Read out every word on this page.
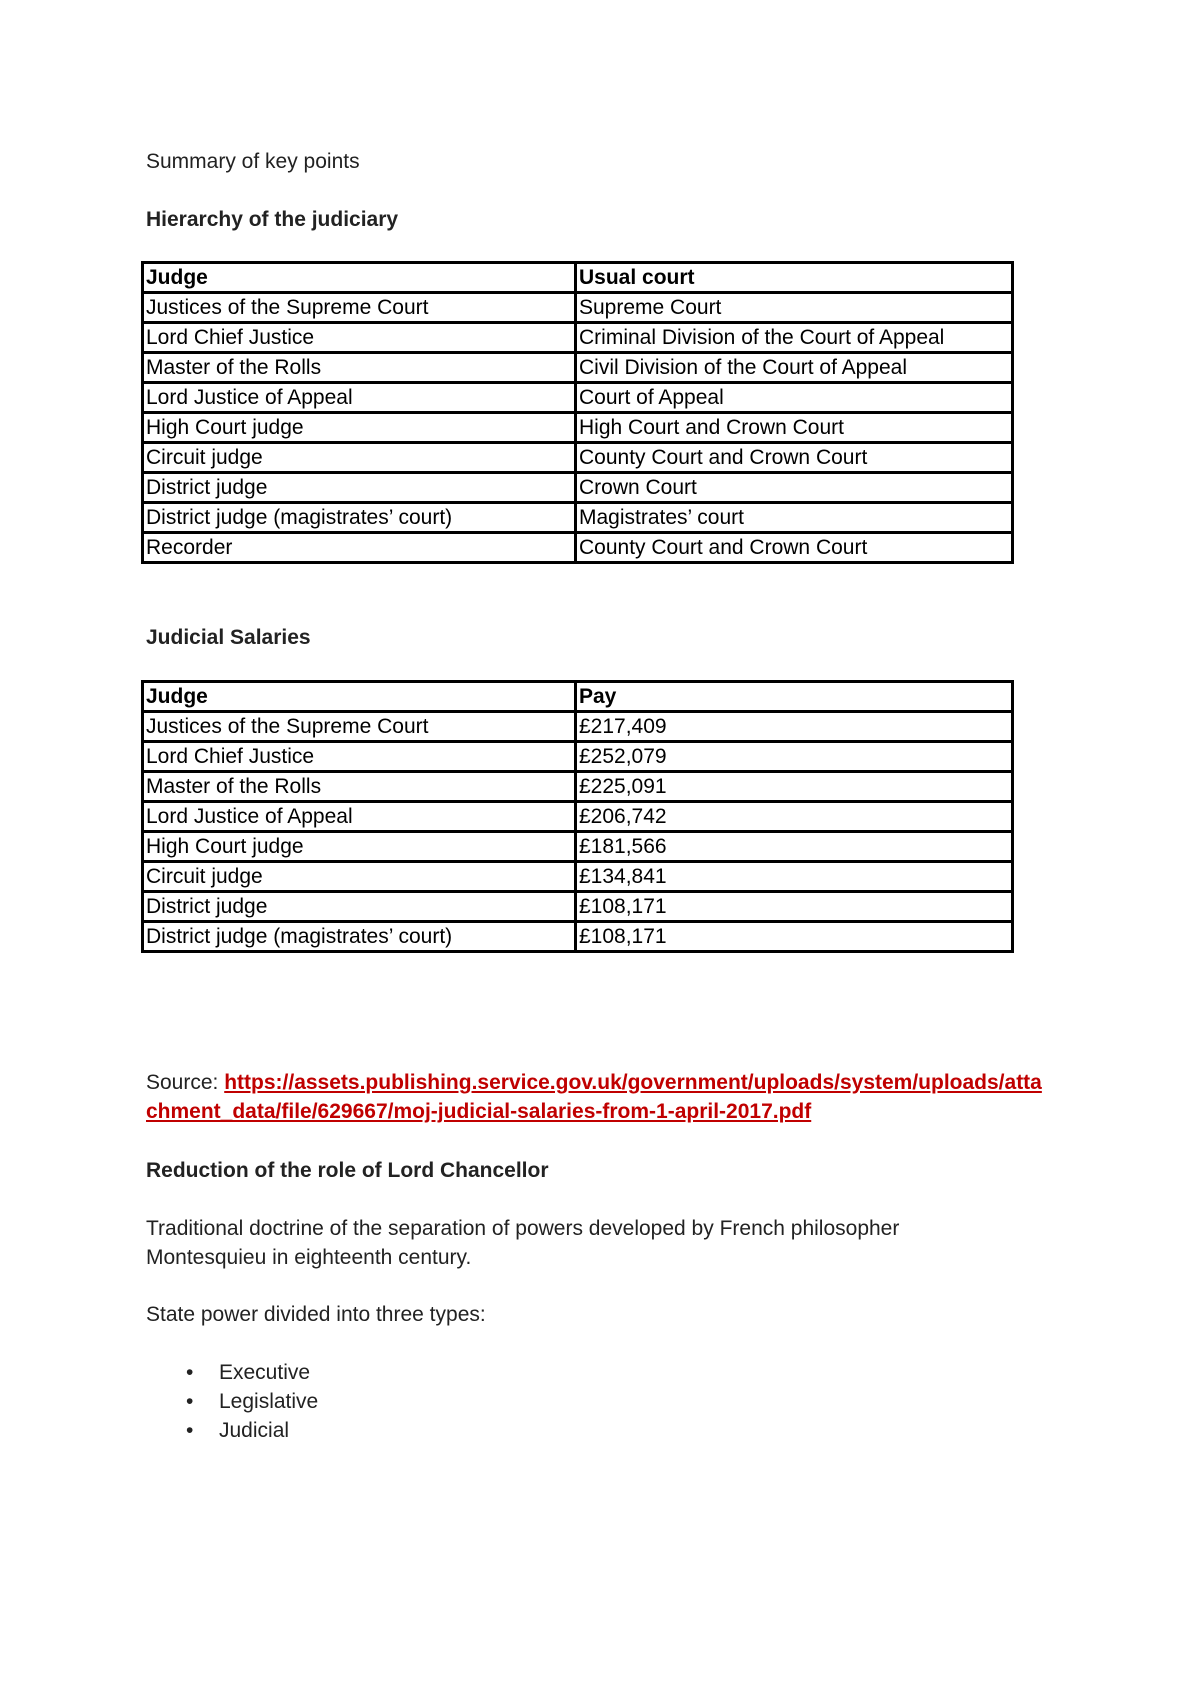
Summary of key points
Hierarchy of the judiciary
Judge	Usual court
Justices of the Supreme Court	Supreme Court
Lord Chief Justice	Criminal Division of the Court of Appeal
Master of the Rolls	Civil Division of the Court of Appeal
Lord Justice of Appeal	Court of Appeal
High Court judge	High Court and Crown Court
Circuit judge	County Court and Crown Court
District judge	Crown Court
District judge (magistrates’ court)	Magistrates’ court
Recorder	County Court and Crown Court
Judicial Salaries
Judge	Pay
Justices of the Supreme Court	£217,409
Lord Chief Justice	£252,079
Master of the Rolls	£225,091
Lord Justice of Appeal	£206,742
High Court judge	£181,566
Circuit judge	£134,841
District judge	£108,171
District judge (magistrates’ court)	£108,171
Source: https://assets.publishing.service.gov.uk/government/uploads/system/uploads/atta
chment_data/file/629667/moj-judicial-salaries-from-1-april-2017.pdf
Reduction of the role of Lord Chancellor
Traditional doctrine of the separation of powers developed by French philosopher
Montesquieu in eighteenth century.
State power divided into three types:
• Executive
• Legislative
• Judicial
